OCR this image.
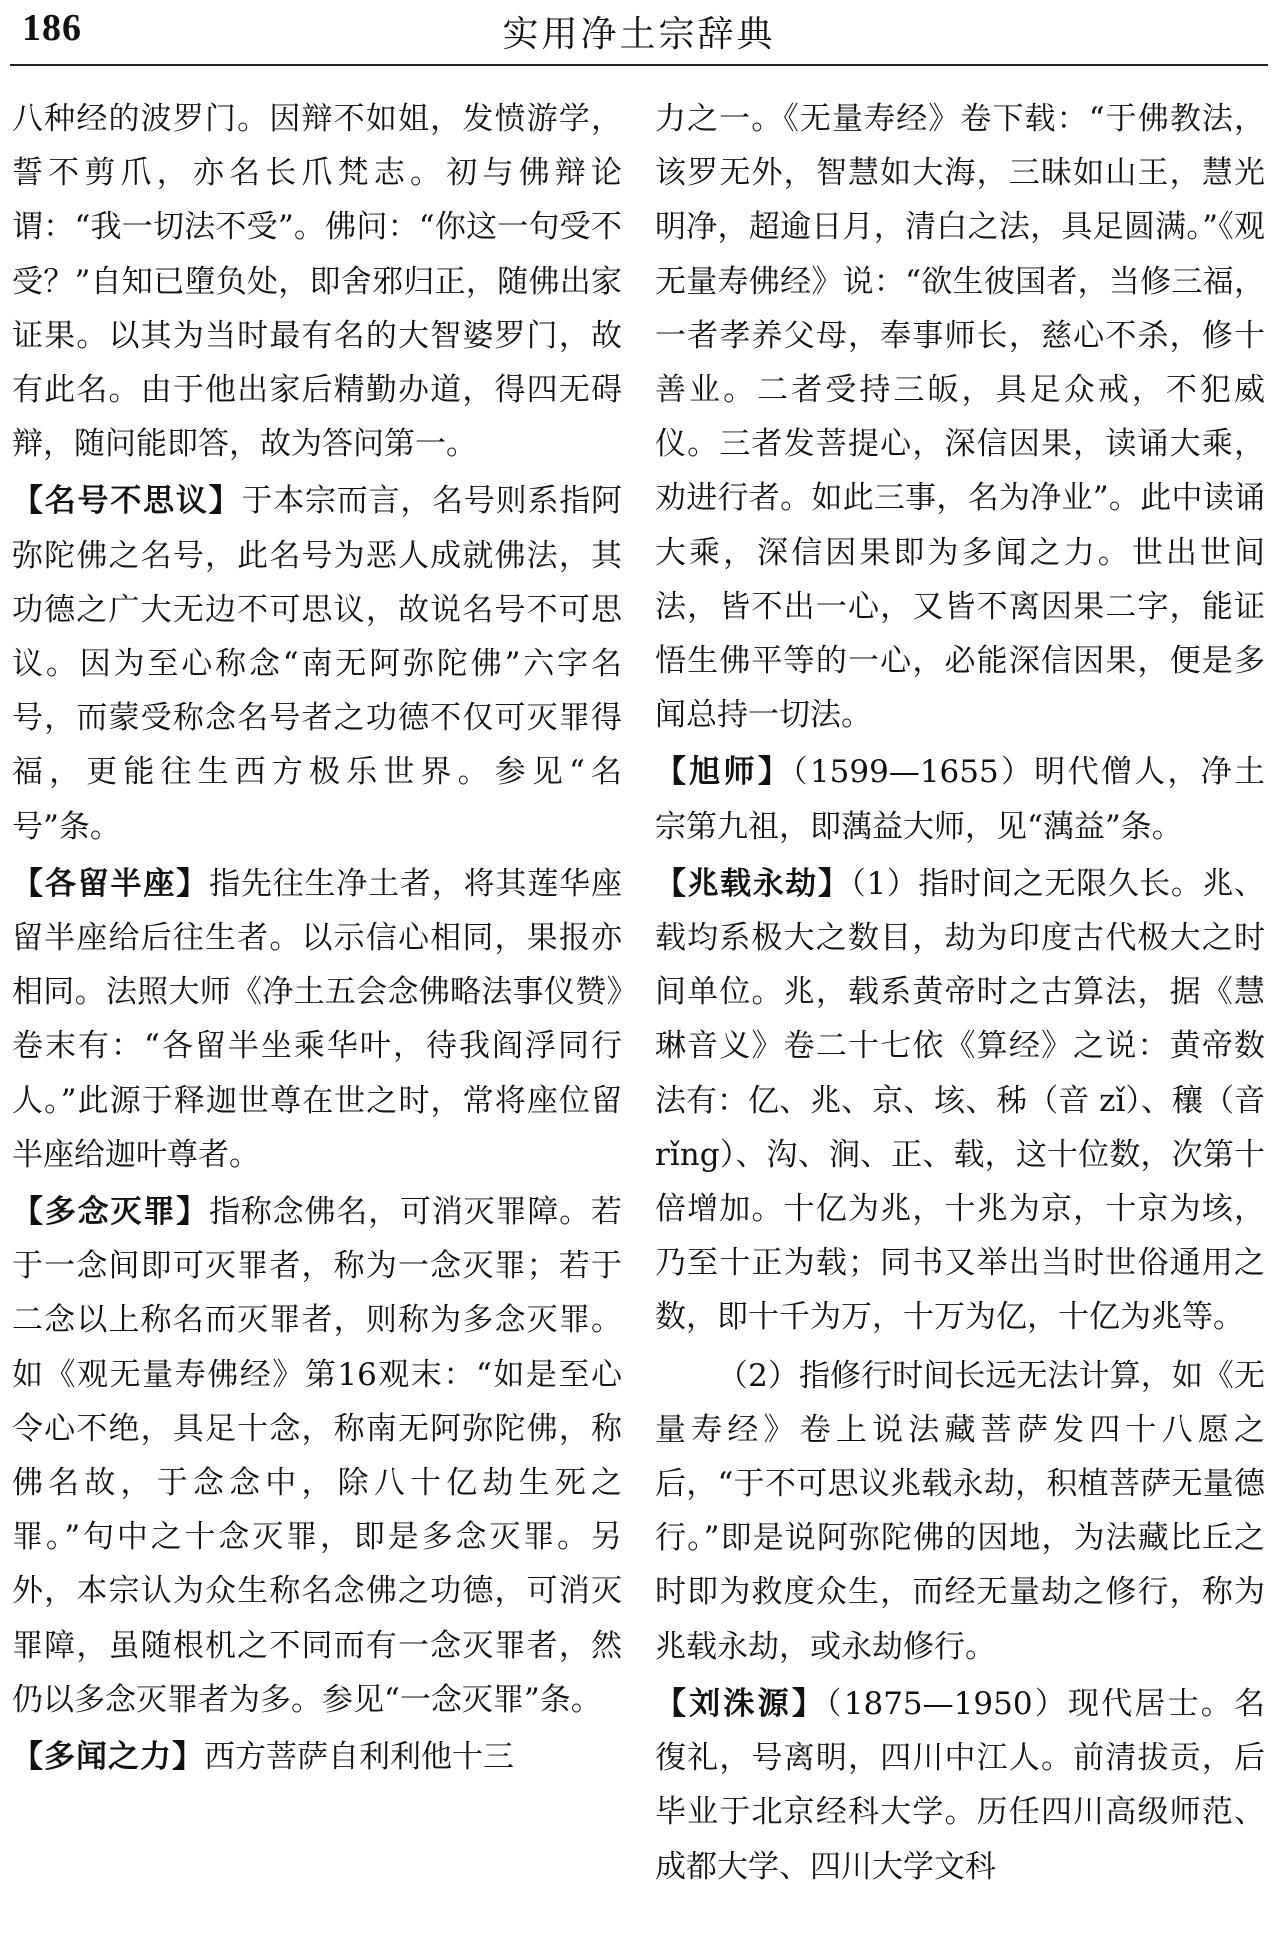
186	实用净土宗辞典

八种经的波罗门。因辩不如姐，发愤游学，誓不剪爪，亦名长爪梵志。初与佛辩论谓：“我一切法不受”。佛问：“你这一句受不受？”自知已墮负处，即舍邪归正，随佛出家证果。以其为当时最有名的大智婆罗门，故有此名。由于他出家后精勤办道，得四无碍辩，随问能即答，故为答问第一。

【名号不思议】于本宗而言，名号则系指阿弥陀佛之名号，此名号为恶人成就佛法，其功德之广大无边不可思议，故说名号不可思议。因为至心称念“南无阿弥陀佛”六字名号，而蒙受称念名号者之功德不仅可灭罪得福，更能往生西方极乐世界。参见“名号”条。

【各留半座】指先往生净土者，将其莲华座留半座给后往生者。以示信心相同，果报亦相同。法照大师《净土五会念佛略法事仪赞》卷末有：“各留半坐乘华叶，待我阎浮同行人。”此源于释迦世尊在世之时，常将座位留半座给迦叶尊者。

【多念灭罪】指称念佛名，可消灭罪障。若于一念间即可灭罪者，称为一念灭罪；若于二念以上称名而灭罪者，则称为多念灭罪。如《观无量寿佛经》第16观末：“如是至心令心不绝，具足十念，称南无阿弥陀佛，称佛名故，于念念中，除八十亿劫生死之罪。”句中之十念灭罪，即是多念灭罪。另外，本宗认为众生称名念佛之功德，可消灭罪障，虽随根机之不同而有一念灭罪者，然仍以多念灭罪者为多。参见“一念灭罪”条。

【多闻之力】西方菩萨自利利他十三

力之一。《无量寿经》卷下载：“于佛教法，该罗无外，智慧如大海，三昧如山王，慧光明净，超逾日月，清白之法，具足圆满。”《观无量寿佛经》说：“欲生彼国者，当修三福，一者孝养父母，奉事师长，慈心不杀，修十善业。二者受持三皈，具足众戒，不犯威仪。三者发菩提心，深信因果，读诵大乘，劝进行者。如此三事，名为净业”。此中读诵大乘，深信因果即为多闻之力。世出世间法，皆不出一心，又皆不离因果二字，能证悟生佛平等的一心，必能深信因果，便是多闻总持一切法。

【旭师】（1599—1655）明代僧人，净土宗第九祖，即蕅益大师，见“蕅益”条。

【兆载永劫】（1）指时间之无限久长。兆、载均系极大之数目，劫为印度古代极大之时间单位。兆，载系黄帝时之古算法，据《慧琳音义》卷二十七依《算经》之说：黄帝数法有：亿、兆、京、垓、秭（音 zǐ）、穰（音 rǐng）、沟、涧、正、载，这十位数，次第十倍增加。十亿为兆，十兆为京，十京为垓，乃至十正为载；同书又举出当时世俗通用之数，即十千为万，十万为亿，十亿为兆等。

（2）指修行时间长远无法计算，如《无量寿经》卷上说法藏菩萨发四十八愿之后，“于不可思议兆载永劫，积植菩萨无量德行。”即是说阿弥陀佛的因地，为法藏比丘之时即为救度众生，而经无量劫之修行，称为兆载永劫，或永劫修行。

【刘洙源】（1875—1950）现代居士。名復礼，号离明，四川中江人。前清拔贡，后毕业于北京经科大学。历任四川高级师范、成都大学、四川大学文科
